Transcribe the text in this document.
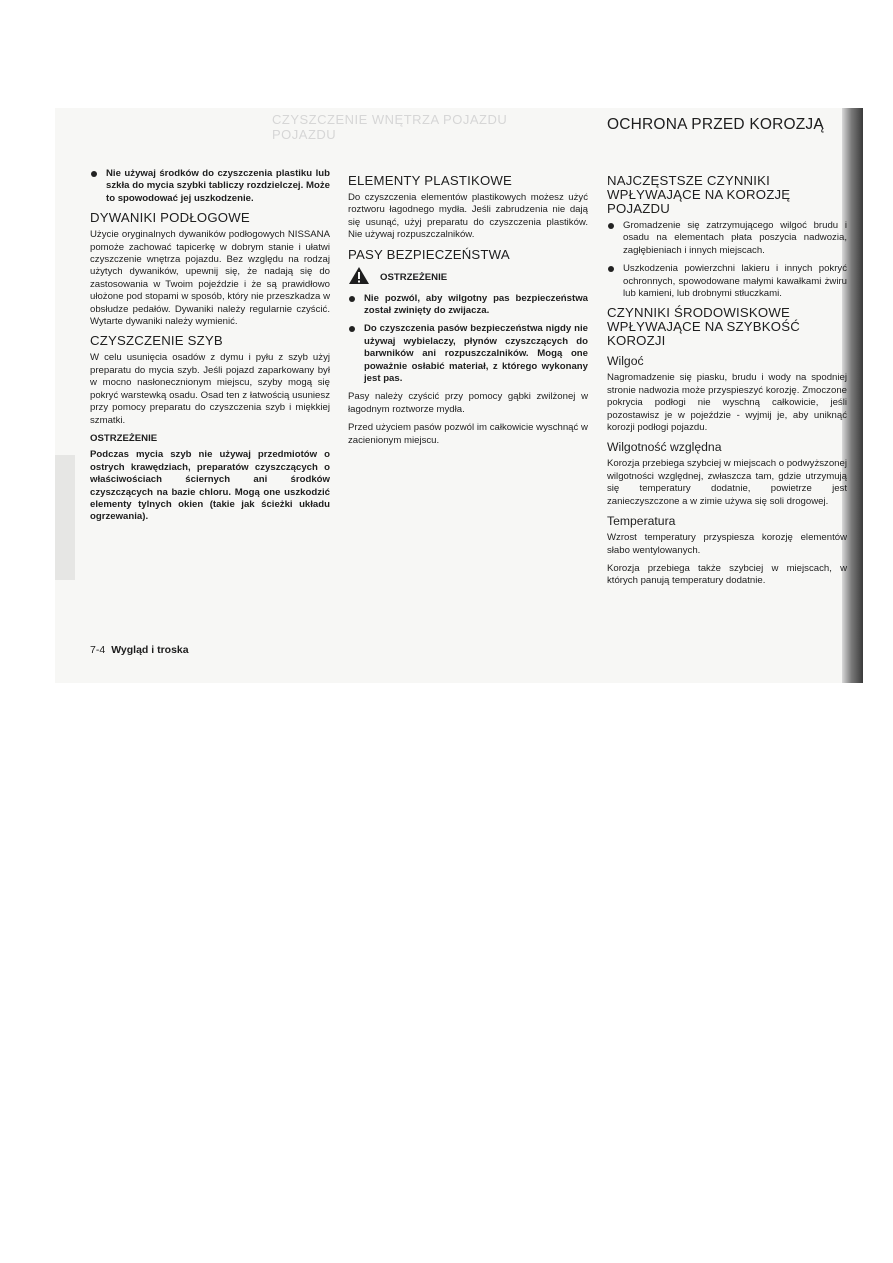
CZYSZCZENIE WNĘTRZA POJAZDU
POJAZDU
OCHRONA PRZED KOROZJĄ
Nie używaj środków do czyszczenia plastiku lub szkła do mycia szybki tabliczy rozdzielczej. Może to spowodować jej uszkodzenie.
DYWANIKI PODŁOGOWE

Użycie oryginalnych dywaników podłogowych NISSANA pomoże zachować tapicerkę w dobrym stanie i ułatwi czyszczenie wnętrza pojazdu. Bez względu na rodzaj użytych dywaników, upewnij się, że nadają się do zastosowania w Twoim pojeździe i że są prawidłowo ułożone pod stopami w sposób, który nie przeszkadza w obsłudze pedałów. Dywaniki należy regularnie czyścić. Wytarte dywaniki należy wymienić.

CZYSZCZENIE SZYB

W celu usunięcia osadów z dymu i pyłu z szyb użyj preparatu do mycia szyb. Jeśli pojazd zaparkowany był w mocno nasłonecznionym miejscu, szyby mogą się pokryć warstewką osadu. Osad ten z łatwością usuniesz przy pomocy preparatu do czyszczenia szyb i miękkiej szmatki.

OSTRZEŻENIE

Podczas mycia szyb nie używaj przedmiotów o ostrych krawędziach, preparatów czyszczących o właściwościach ściernych ani środków czyszczących na bazie chloru. Mogą one uszkodzić elementy tylnych okien (takie jak ścieżki układu ogrzewania).

ELEMENTY PLASTIKOWE

Do czyszczenia elementów plastikowych możesz użyć roztworu łagodnego mydła. Jeśli zabrudzenia nie dają się usunąć, użyj preparatu do czyszczenia plastików. Nie używaj rozpuszczalników.

PASY BEZPIECZEŃSTWA
OSTRZEŻENIE
Nie pozwól, aby wilgotny pas bezpieczeństwa został zwinięty do zwijacza.
Do czyszczenia pasów bezpieczeństwa nigdy nie używaj wybielaczy, płynów czyszczących do barwników ani rozpuszczalników. Mogą one poważnie osłabić materiał, z którego wykonany jest pas.

Pasy należy czyścić przy pomocy gąbki zwilżonej w łagodnym roztworze mydła.

Przed użyciem pasów pozwól im całkowicie wyschnąć w zacienionym miejscu.

NAJCZĘSTSZE CZYNNIKI WPŁYWAJĄCE NA KOROZJĘ POJAZDU
Gromadzenie się zatrzymującego wilgoć brudu i osadu na elementach płata poszycia nadwozia, zagłębieniach i innych miejscach.
Uszkodzenia powierzchni lakieru i innych pokryć ochronnych, spowodowane małymi kawałkami żwiru lub kamieni, lub drobnymi stłuczkami.
CZYNNIKI ŚRODOWISKOWE WPŁYWAJĄCE NA SZYBKOŚĆ KOROZJI
Wilgoć

Nagromadzenie się piasku, brudu i wody na spodniej stronie nadwozia może przyspieszyć korozję. Zmoczone pokrycia podłogi nie wyschną całkowicie, jeśli pozostawisz je w pojeździe - wyjmij je, aby uniknąć korozji podłogi pojazdu.

Wilgotność względna

Korozja przebiega szybciej w miejscach o podwyższonej wilgotności względnej, zwłaszcza tam, gdzie utrzymują się temperatury dodatnie, powietrze jest zanieczyszczone a w zimie używa się soli drogowej.

Temperatura

Wzrost temperatury przyspiesza korozję elementów słabo wentylowanych.

Korozja przebiega także szybciej w miejscach, w których panują temperatury dodatnie.

7-4 Wygląd i troska
